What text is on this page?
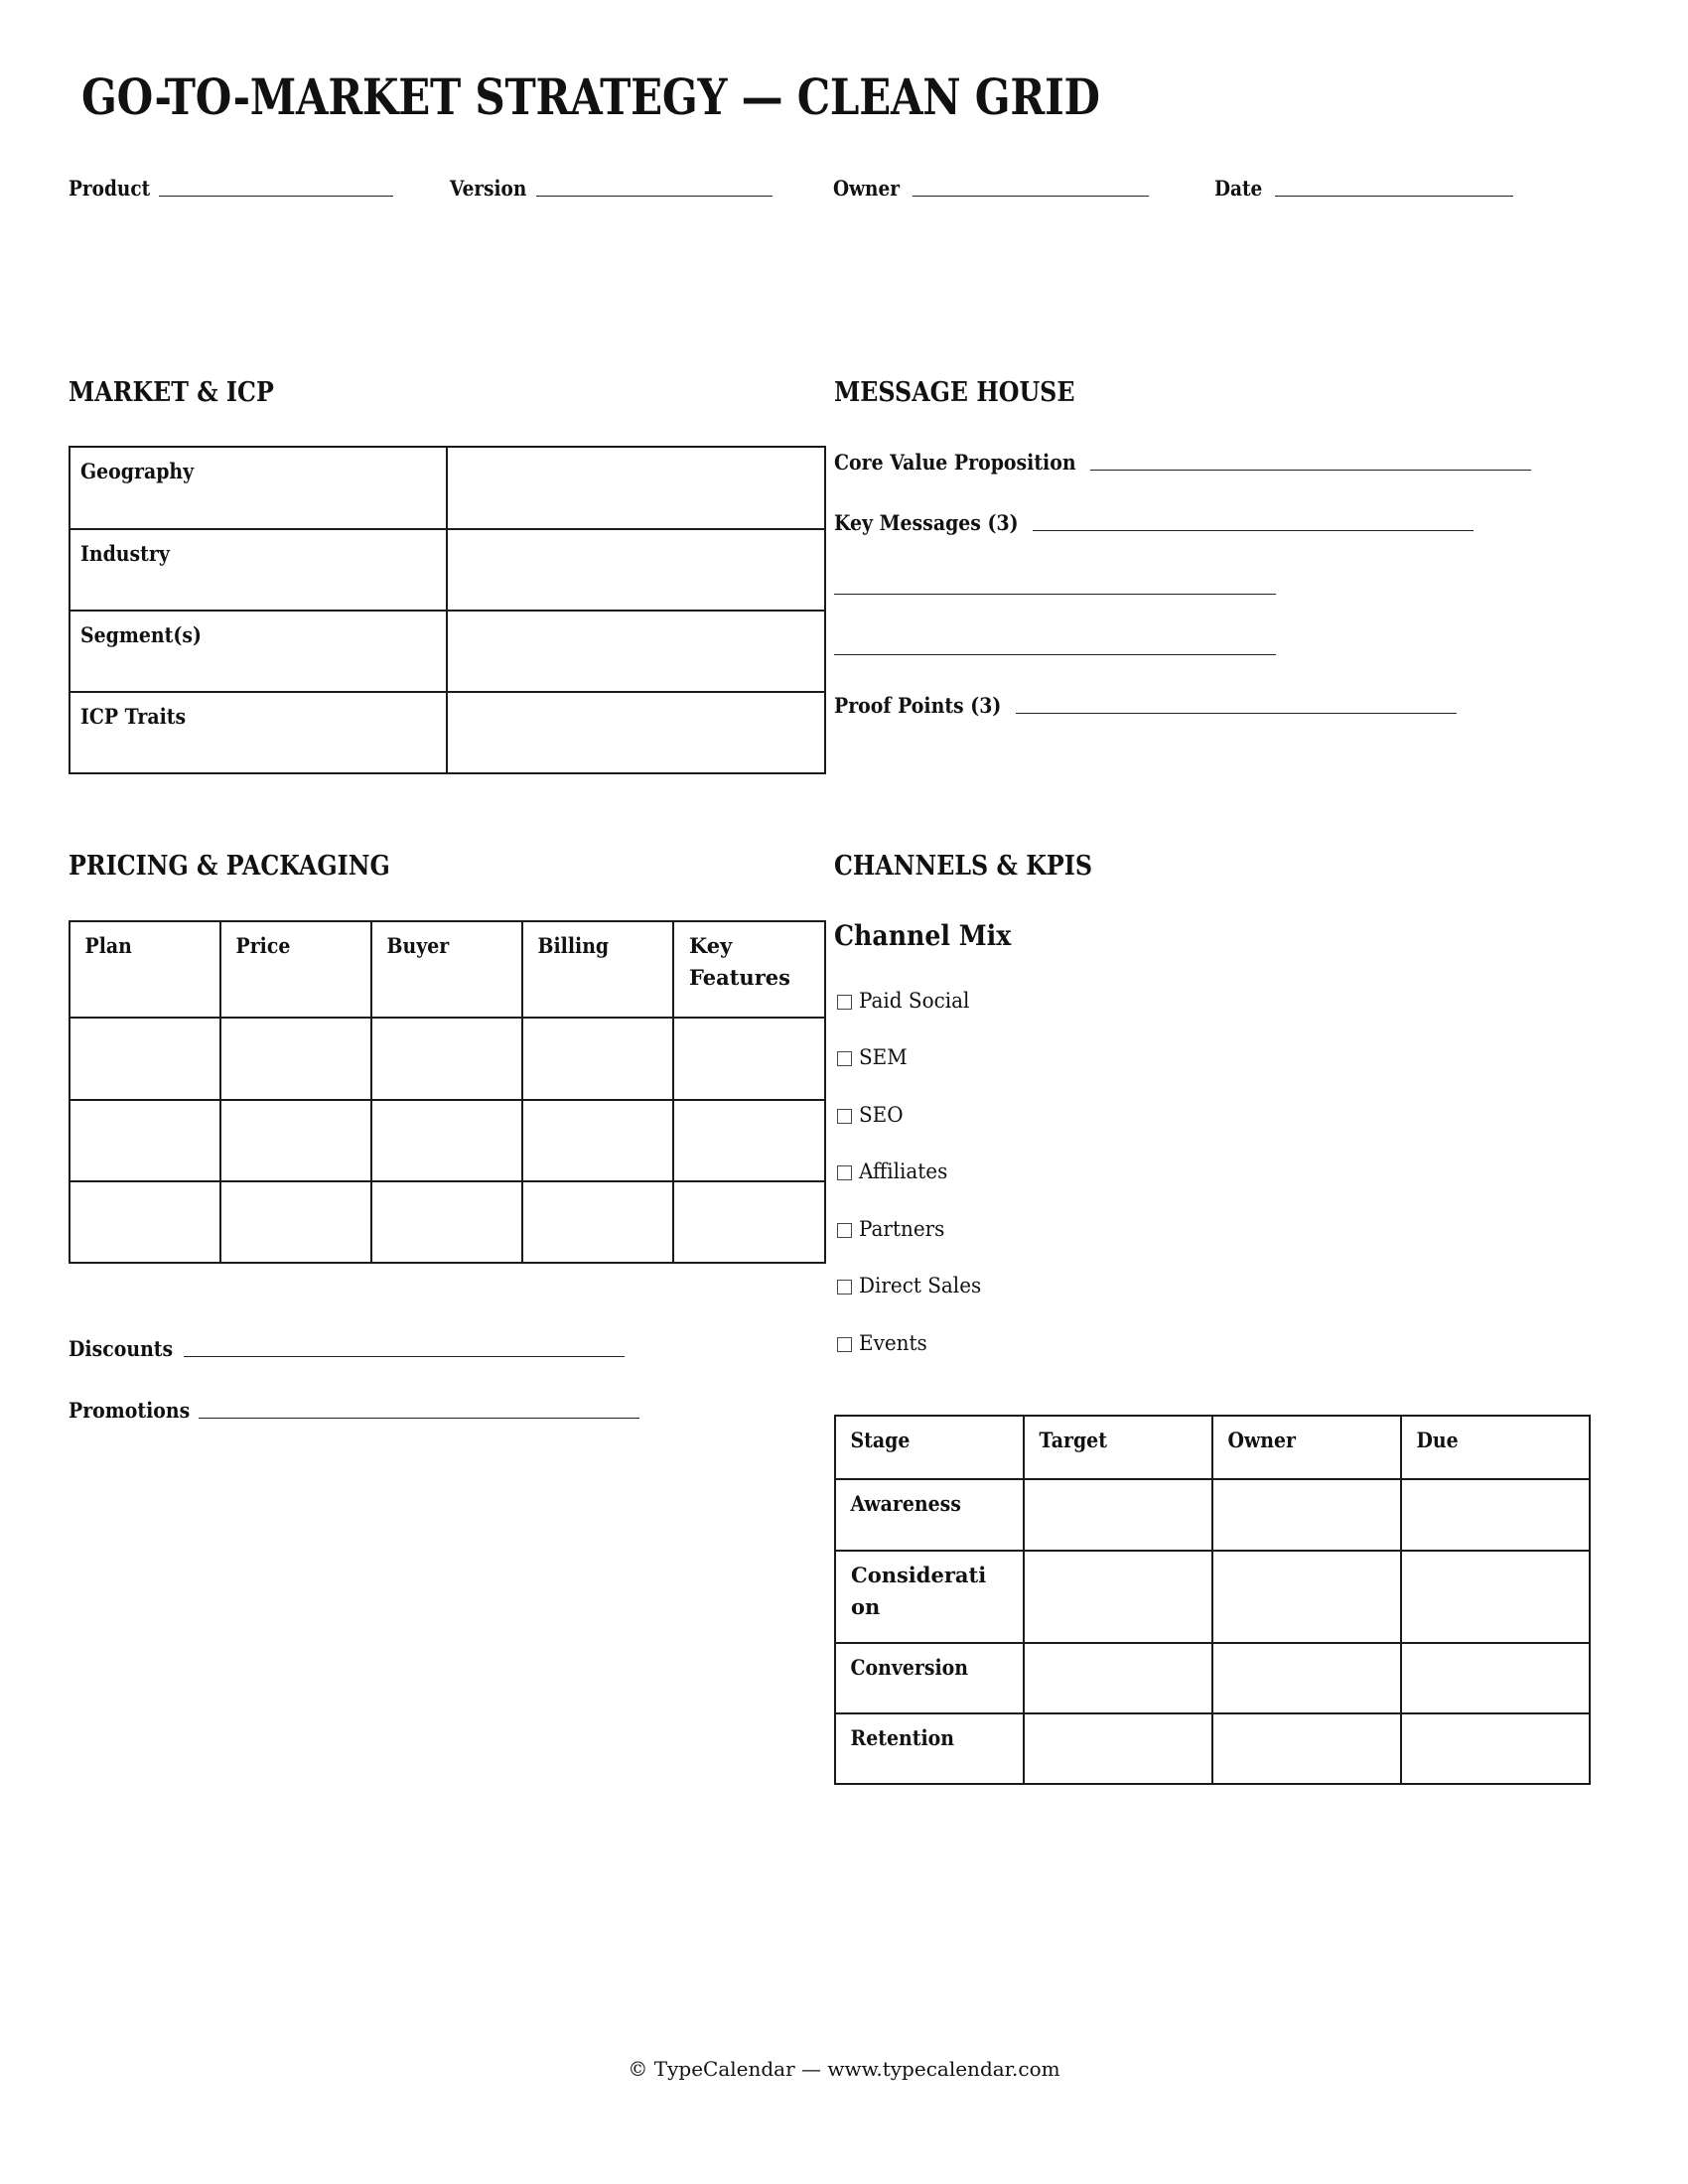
GO-TO-MARKET STRATEGY — CLEAN GRID
Product	Version	Owner	Date
MARKET & ICP
Geography	
Industry	
Segment(s)	
ICP Traits	
MESSAGE HOUSE
Core Value Proposition
Key Messages (3)
Proof Points (3)
PRICING & PACKAGING
Plan	Price	Buyer	Billing	Key Features

Discounts
Promotions
CHANNELS & KPIS
Channel Mix
Paid Social
SEM
SEO
Affiliates
Partners
Direct Sales
Events
Stage	Target	Owner	Due
Awareness			

Consideration			

Conversion			
Retention			
© TypeCalendar — www.typecalendar.com
